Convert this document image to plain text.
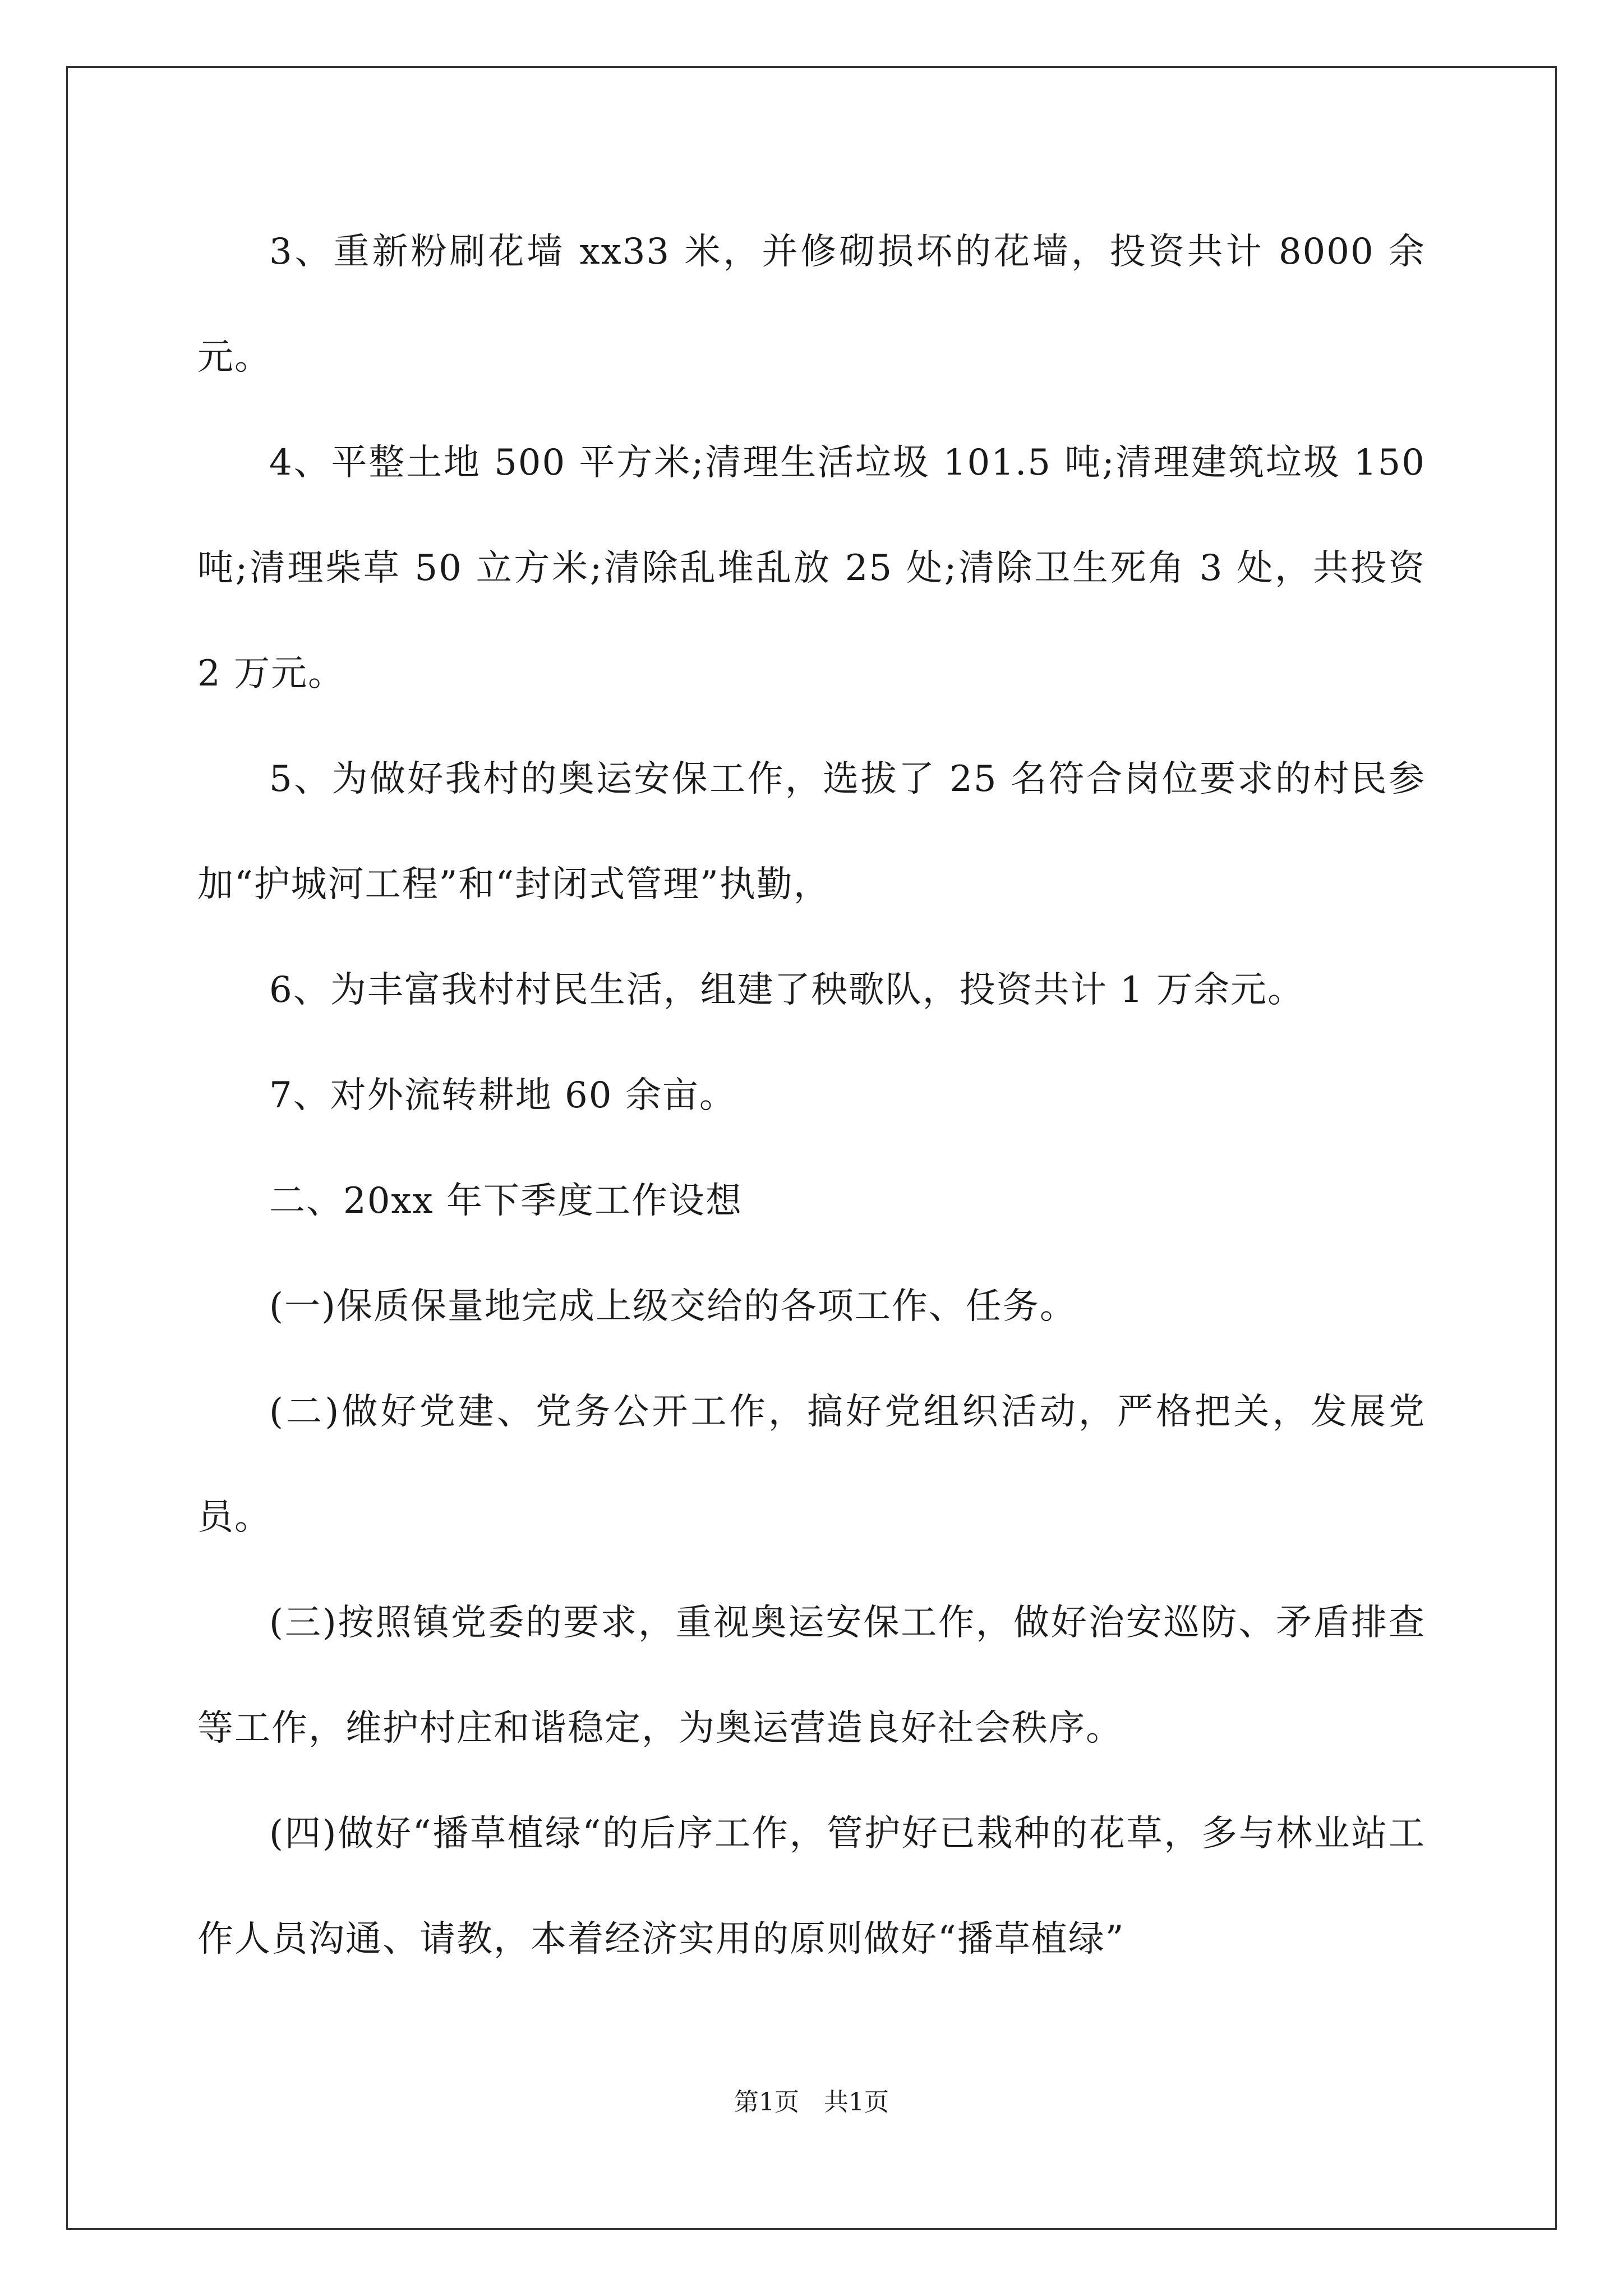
3、重新粉刷花墙 xx33 米，并修砌损坏的花墙，投资共计 8000 余元。

4、平整土地 500 平方米;清理生活垃圾 101.5 吨;清理建筑垃圾 150 吨;清理柴草 50 立方米;清除乱堆乱放 25 处;清除卫生死角 3 处，共投资 2 万元。

5、为做好我村的奥运安保工作，选拔了 25 名符合岗位要求的村民参加“护城河工程”和“封闭式管理”执勤，

6、为丰富我村村民生活，组建了秧歌队，投资共计 1 万余元。

7、对外流转耕地 60 余亩。

二、20xx 年下季度工作设想

(一)保质保量地完成上级交给的各项工作、任务。

(二)做好党建、党务公开工作，搞好党组织活动，严格把关，发展党员。

(三)按照镇党委的要求，重视奥运安保工作，做好治安巡防、矛盾排查等工作，维护村庄和谐稳定，为奥运营造良好社会秩序。

(四)做好“播草植绿“的后序工作，管护好已栽种的花草，多与林业站工作人员沟通、请教，本着经济实用的原则做好“播草植绿”

第1页 共1页
